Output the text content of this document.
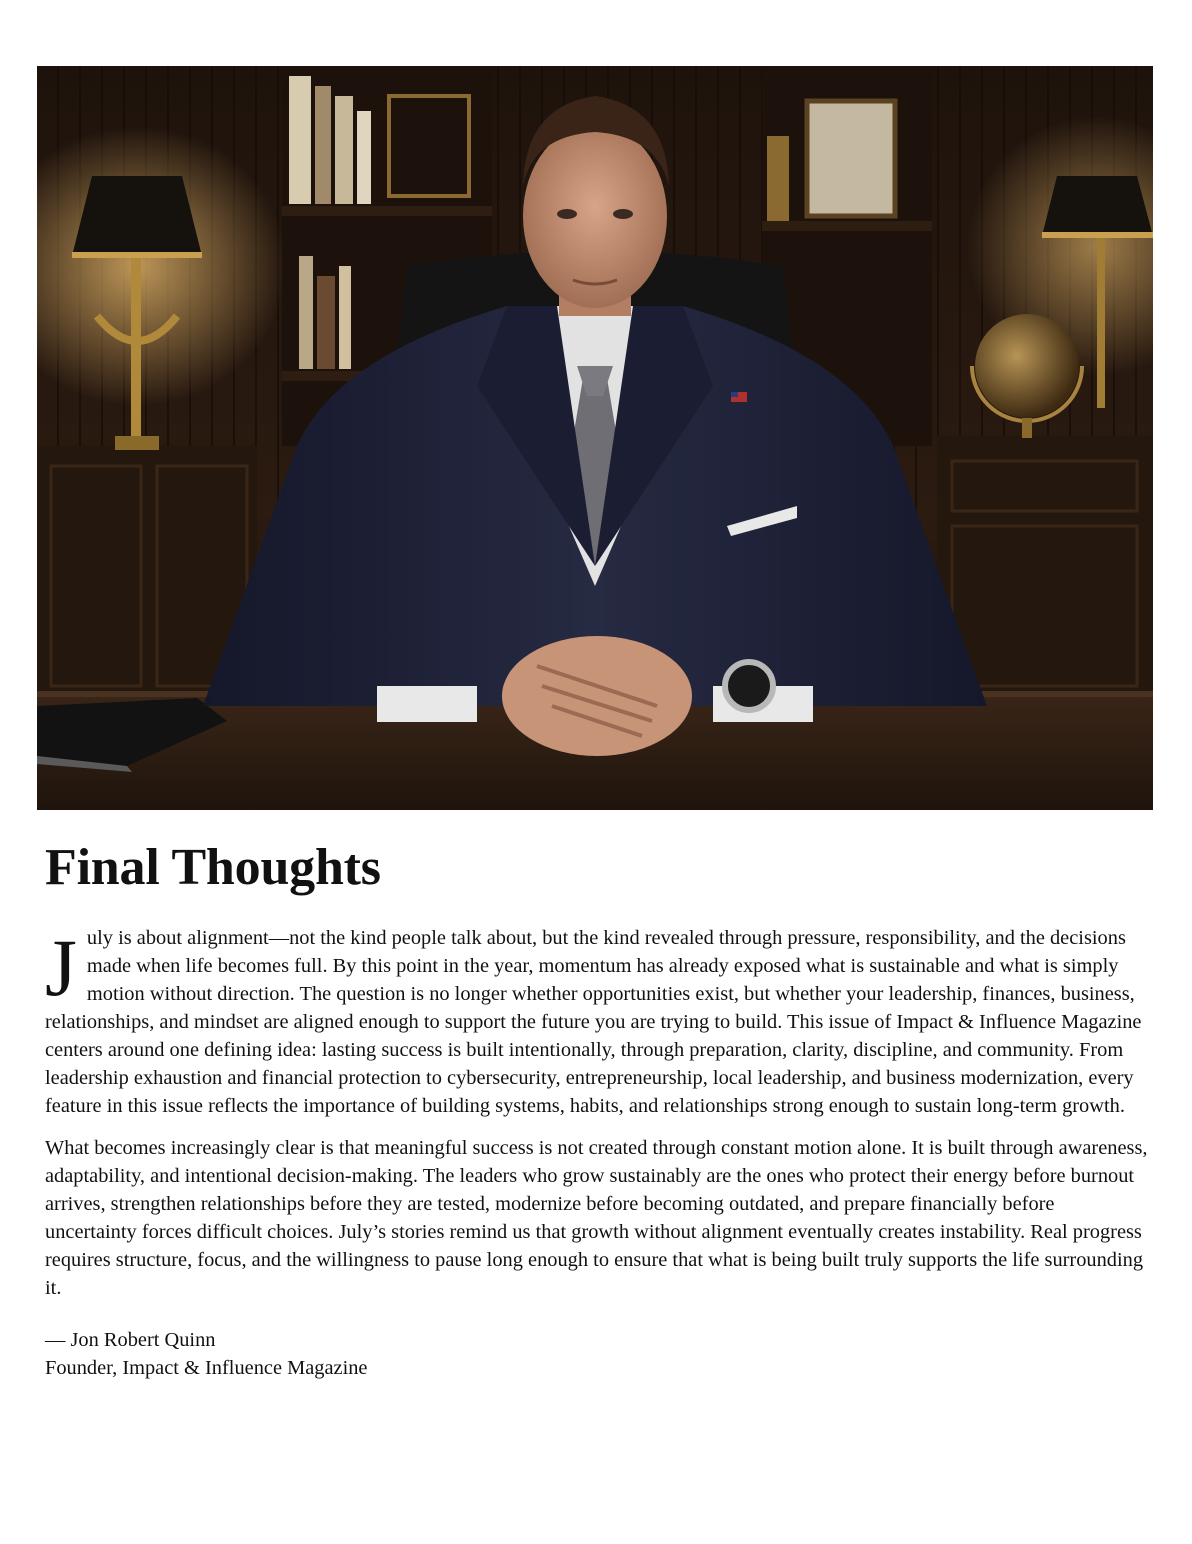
Final Thoughts

July is about alignment—not the kind people talk about, but the kind revealed through pressure, responsibility, and the decisions made when life becomes full. By this point in the year, momentum has already exposed what is sustainable and what is simply motion without direction. The question is no longer whether opportunities exist, but whether your leadership, finances, business, relationships, and mindset are aligned enough to support the future you are trying to build. This issue of Impact & Influence Magazine centers around one defining idea: lasting success is built intentionally, through preparation, clarity, discipline, and community. From leadership exhaustion and financial protection to cybersecurity, entrepreneurship, local leadership, and business modernization, every feature in this issue reflects the importance of building systems, habits, and relationships strong enough to sustain long-term growth.

What becomes increasingly clear is that meaningful success is not created through constant motion alone. It is built through awareness, adaptability, and intentional decision-making. The leaders who grow sustainably are the ones who protect their energy before burnout arrives, strengthen relationships before they are tested, modernize before becoming outdated, and prepare financially before uncertainty forces difficult choices. July’s stories remind us that growth without alignment eventually creates instability. Real progress requires structure, focus, and the willingness to pause long enough to ensure that what is being built truly supports the life surrounding it.

— Jon Robert Quinn
Founder, Impact & Influence Magazine
